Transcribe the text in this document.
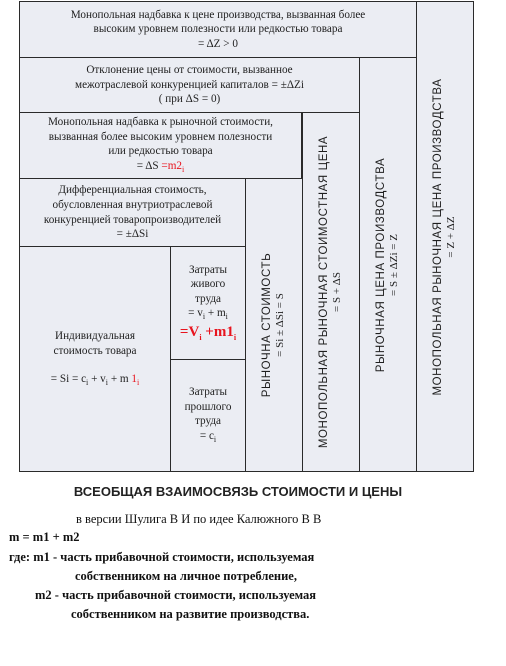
Монопольная надбавка к цене производства, вызванная более
высоким уровнем полезности или редкостью товара
= ΔZ > 0
Отклонение цены от стоимости, вызванное
межотраслевой конкуренцией капиталов = ±ΔZi
( при ΔS = 0)
Монопольная надбавка к рыночной стоимости,
вызванная более высоким уровнем полезности
или редкостью товара
= $\Delta S =m2_i$
Дифференциальная стоимость,
обусловленная внутриотраслевой
конкуренцией товаропроизводителей
= ±ΔSi
Индивидуальная
стоимость товара
= $Si = c_i + v_i + m$ $1_i$
Затраты
живого
труда
= $v_i + m_i$
$=V_i +m1_i$
Затраты
прошлого
труда
= $c_i$
РЫНОЧНА СТОИМОСТЬ = Si ± ΔSi = S	МОНОПОЛЬНАЯ РЫНОЧНАЯ СТОИМОСТНАЯ ЦЕНА = S + ΔS	РЫНОЧНАЯ ЦЕНА ПРОИЗВОДСТВА = S ± ΔZi = Z	МОНОПОЛЬНАЯ РЫНОЧНАЯ ЦЕНА ПРОИЗВОДСТВА = Z + ΔZ
ВСЕОБЩАЯ ВЗАИМОСВЯЗЬ СТОИМОСТИ И ЦЕНЫ
в версии Шулига В И по идее Калюжного В В
m = m1 + m2
где: m1 - часть прибавочной стоимости, используемая
собственником на личное потребление,
m2 - часть прибавочной стоимости, используемая
собственником на развитие производства.
